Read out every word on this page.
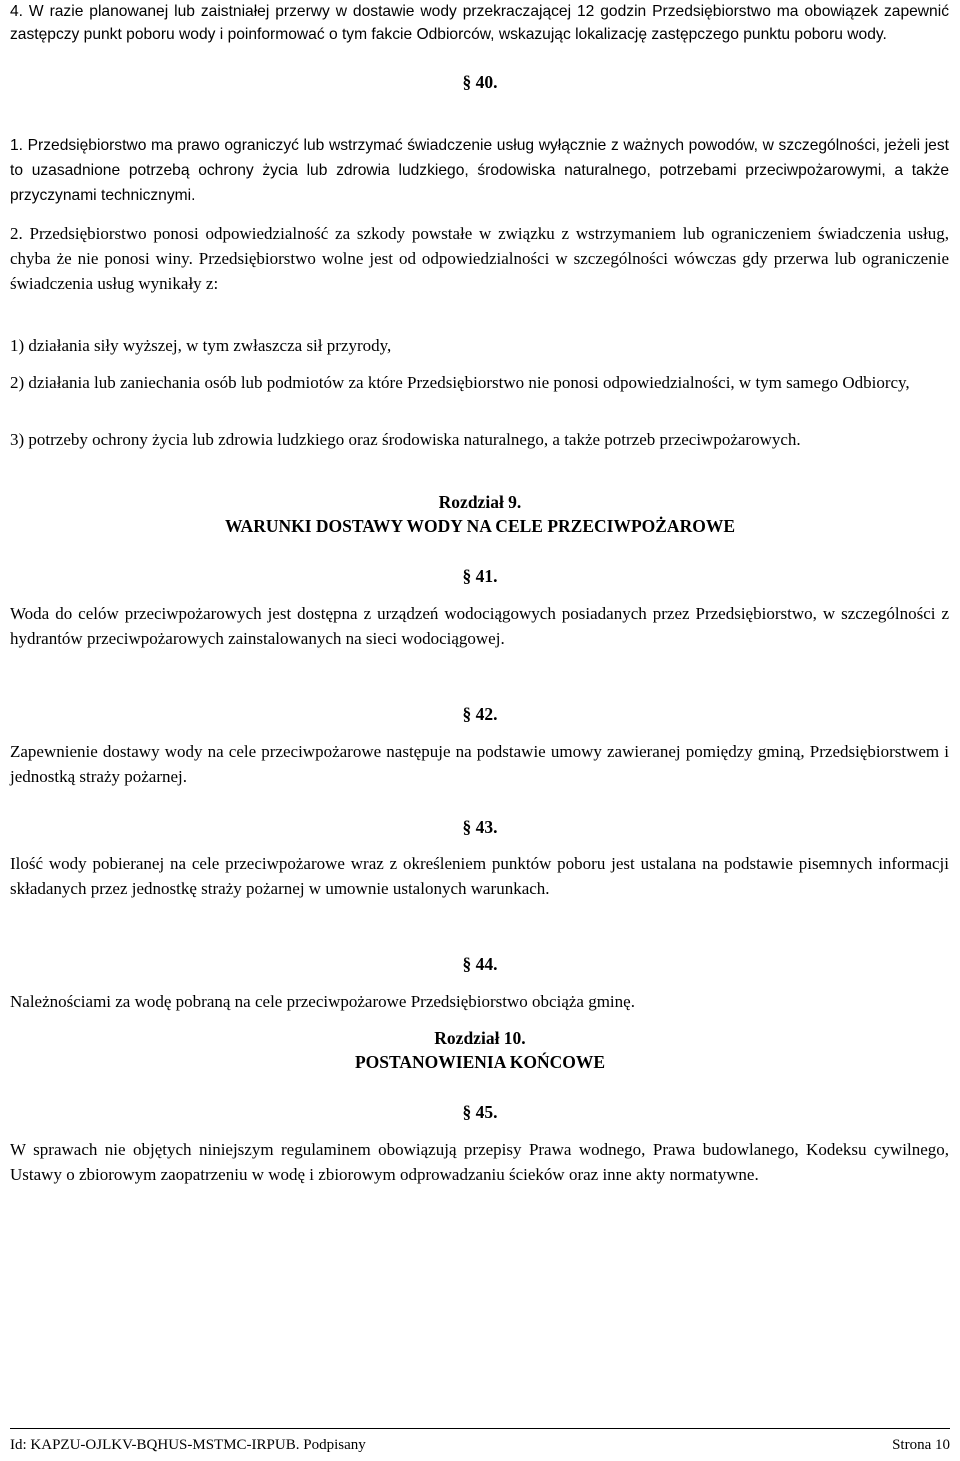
4. W razie planowanej lub zaistniałej przerwy w dostawie wody przekraczającej 12 godzin Przedsiębiorstwo ma obowiązek zapewnić zastępczy punkt poboru wody i poinformować o tym fakcie Odbiorców, wskazując lokalizację zastępczego punktu poboru wody.
§ 40.
1. Przedsiębiorstwo ma prawo ograniczyć lub wstrzymać świadczenie usług wyłącznie z ważnych powodów, w szczególności, jeżeli jest to uzasadnione potrzebą ochrony życia lub zdrowia ludzkiego, środowiska naturalnego, potrzebami przeciwpożarowymi, a także przyczynami technicznymi.
2. Przedsiębiorstwo ponosi odpowiedzialność za szkody powstałe w związku z wstrzymaniem lub ograniczeniem świadczenia usług, chyba że nie ponosi winy. Przedsiębiorstwo wolne jest od odpowiedzialności w szczególności wówczas gdy przerwa lub ograniczenie świadczenia usług wynikały z:
1) działania siły wyższej, w tym zwłaszcza sił przyrody,
2) działania lub zaniechania osób lub podmiotów za które Przedsiębiorstwo nie ponosi odpowiedzialności, w tym samego Odbiorcy,
3) potrzeby ochrony życia lub zdrowia ludzkiego oraz środowiska naturalnego, a także potrzeb przeciwpożarowych.
Rozdział 9.
WARUNKI DOSTAWY WODY NA CELE PRZECIWPOŻAROWE
§ 41.
Woda do celów przeciwpożarowych jest dostępna z urządzeń wodociągowych posiadanych przez Przedsiębiorstwo, w szczególności z hydrantów przeciwpożarowych zainstalowanych na sieci wodociągowej.
§ 42.
Zapewnienie dostawy wody na cele przeciwpożarowe następuje na podstawie umowy zawieranej pomiędzy gminą, Przedsiębiorstwem i jednostką straży pożarnej.
§ 43.
Ilość wody pobieranej na cele przeciwpożarowe wraz z określeniem punktów poboru jest ustalana na podstawie pisemnych informacji składanych przez jednostkę straży pożarnej w umownie ustalonych warunkach.
§ 44.
Należnościami za wodę pobraną na cele przeciwpożarowe Przedsiębiorstwo obciąża gminę.
Rozdział 10.
POSTANOWIENIA KOŃCOWE
§ 45.
W sprawach nie objętych niniejszym regulaminem obowiązują przepisy Prawa wodnego, Prawa budowlanego, Kodeksu cywilnego, Ustawy o zbiorowym zaopatrzeniu w wodę i zbiorowym odprowadzaniu ścieków oraz inne akty normatywne.
Id: KAPZU-OJLKV-BQHUS-MSTMC-IRPUB. Podpisany	Strona 10
